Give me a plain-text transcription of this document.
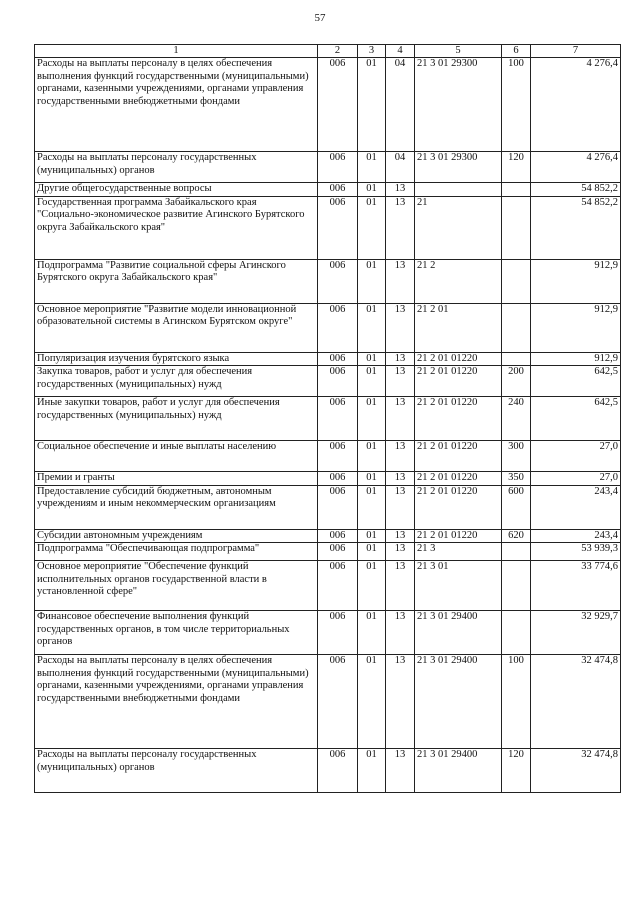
57
1	2	3	4	5	6	7
Расходы на выплаты персоналу в целях обеспечения выполнения функций государственными (муниципальными) органами, казенными учреждениями, органами управления государственными внебюджетными фондами	006	01	04	21 3 01 29300	100	4 276,4
Расходы на выплаты персоналу государственных (муниципальных) органов	006	01	04	21 3 01 29300	120	4 276,4
Другие общегосударственные вопросы	006	01	13			54 852,2
Государственная программа Забайкальского края "Социально-экономическое развитие Агинского Бурятского округа Забайкальского края"	006	01	13	21		54 852,2
Подпрограмма "Развитие социальной сферы Агинского Бурятского округа Забайкальского края"	006	01	13	21 2		912,9
Основное мероприятие "Развитие модели инновационной образовательной системы в Агинском Бурятском округе"	006	01	13	21 2 01		912,9
Популяризация изучения бурятского языка	006	01	13	21 2 01 01220		912,9
Закупка товаров, работ и услуг для обеспечения государственных (муниципальных) нужд	006	01	13	21 2 01 01220	200	642,5
Иные закупки товаров, работ и услуг для обеспечения государственных (муниципальных) нужд	006	01	13	21 2 01 01220	240	642,5
Социальное обеспечение и иные выплаты населению	006	01	13	21 2 01 01220	300	27,0
Премии и гранты	006	01	13	21 2 01 01220	350	27,0
Предоставление субсидий бюджетным, автономным учреждениям и иным некоммерческим организациям	006	01	13	21 2 01 01220	600	243,4
Субсидии автономным учреждениям	006	01	13	21 2 01 01220	620	243,4
Подпрограмма "Обеспечивающая подпрограмма"	006	01	13	21 3		53 939,3
Основное мероприятие "Обеспечение функций исполнительных органов государственной власти в установленной сфере"	006	01	13	21 3 01		33 774,6
Финансовое обеспечение выполнения функций государственных органов, в том числе территориальных органов	006	01	13	21 3 01 29400		32 929,7
Расходы на выплаты персоналу в целях обеспечения выполнения функций государственными (муниципальными) органами, казенными учреждениями, органами управления государственными внебюджетными фондами	006	01	13	21 3 01 29400	100	32 474,8
Расходы на выплаты персоналу государственных (муниципальных) органов	006	01	13	21 3 01 29400	120	32 474,8
